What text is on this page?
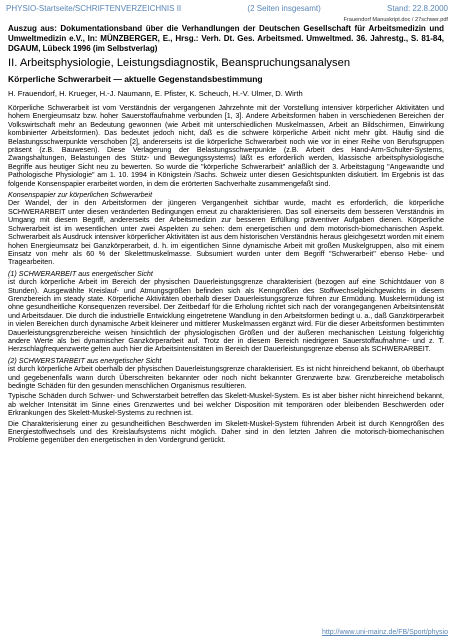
PHYSIO-Startseite/SCHRIFTENVERZEICHNIS II	(2 Seiten insgesamt)	Stand: 22.8.2000
Frauendorf Manuskript.doc / 27schwer.pdf

Auszug aus: Dokumentationsband über die Verhandlungen der Deutschen Gesellschaft für Arbeitsmedizin und Umweltmedizin e.V., In: MÜNZBERGER, E., Hrsg.: Verh. Dt. Ges. Arbeitsmed. Umweltmed. 36. Jahrestg., S. 81-84, DGAUM, Lübeck 1996 (im Selbstverlag)

II. Arbeitsphysiologie, Leistungsdiagnostik, Beanspruchungsanalysen
Körperliche Schwerarbeit — aktuelle Gegenstandsbestimmung
H. Frauendorf, H. Krueger, H.-J. Naumann, E. Pfister, K. Scheuch, H.-V. Ulmer, D. Wirth

Körperliche Schwerarbeit ist vom Verständnis der vergangenen Jahrzehnte mit der Vorstellung intensiver körperlicher Aktivitäten und hohem Energieumsatz bzw. hoher Sauerstoffaufnahme verbunden [1, 3]. Andere Arbeitsformen haben in verschiedenen Bereichen der Volkswirtschaft mehr an Bedeutung gewonnen (wie Arbeit mit unterschiedlichen Muskelmassen, Arbeit an Bildschirmen, Einwirkung kombinierter Arbeitsformen). Das bedeutet jedoch nicht, daß es die schwere körperliche Arbeit nicht mehr gibt. Häufig sind die Belastungsschwerpunkte verschoben [2], andererseits ist die körperliche Schwerarbeit noch wie vor in einer Reihe von Berufsgruppen präsent (z.B. Bauwesen). Diese Verlagerung der Belastungsschwerpunkte (z.B. Arbeit des Hand-Arm-Schulter-Systems, Zwangshaltungen, Belastungen des Stütz- und Bewegungssystems) läßt es erforderlich werden, klassische arbeitsphysiologische Begriffe aus heutiger Sicht neu zu bewerten. So wurde die "körperliche Schwerarbeit" anläßlich der 3. Arbeitstagung "Angewandte und Pathologische Physiologie" am 1. 10. 1994 in Königstein /Sachs. Schweiz unter diesen Gesichtspunkten diskutiert. Im Ergebnis ist das folgende Konsenspapier erarbeitet worden, in dem die erörterten Sachverhalte zusammengefaßt sind.

Konsenspapier zur körperlichen Schwerarbeit

Der Wandel, der in den Arbeitsformen der jüngeren Vergangenheit sichtbar wurde, macht es erforderlich, die körperliche SCHWERARBEIT unter diesen veränderten Bedingungen erneut zu charakterisieren. Das soll einerseits dem besseren Verständnis im Umgang mit diesem Begriff, andererseits der Arbeitsmedizin zur besseren Erfüllung präventiver Aufgaben dienen. Körperliche Schwerarbeit ist im wesentlichen unter zwei Aspekten zu sehen: dem energetischen und dem motorisch-biomechanischen Aspekt. Schwerarbeit als Ausdruck intensiver körperlicher Aktivitäten ist aus dem historischen Verständnis heraus gleichgesetzt worden mit einem hohen Energieumsatz bei Ganzkörperarbeit, d. h. im eigentlichen Sinne dynamische Arbeit mit großen Muskelgruppen, also mit einem Einsatz von mehr als 60 % der Skelettmuskelmasse. Subsumiert wurden unter dem Begriff "Schwerarbeit" ebenso Hebe- und Tragearbeiten.

(1) SCHWERARBEIT aus energetischer Sicht

ist durch körperliche Arbeit im Bereich der physischen Dauerleistungsgrenze charakterisiert (bezogen auf eine Schichtdauer von 8 Stunden). Ausgewählte Kreislauf- und Atmungsgrößen befinden sich als Kenngrößen des Stoffwechselgleichgewichts in diesem Grenzbereich im steady state. Körperliche Aktivitäten oberhalb dieser Dauerleistungsgrenze führen zur Ermüdung. Muskelermüdung ist ohne gesundheitliche Konsequenzen reversibel. Der Zeitbedarf für die Erholung richtet sich nach der vorangegangenen Arbeitsintensität und Arbeitsdauer. Die durch die industrielle Entwicklung eingetretene Wandlung in den Arbeitsformen bedingt u. a., daß Ganzkörperarbeit in vielen Bereichen durch dynamische Arbeit kleinerer und mittlerer Muskelmassen ergänzt wird. Für die dieser Arbeitsformen bestimmten Dauerleistungsgrenzbereiche weisen hinsichtlich der physiologischen Größen und der äußeren mechanischen Leistung folgerichtig andere Werte als bei dynamischer Ganzkörperarbeit auf. Trotz der in diesem Bereich niedrigeren Sauerstoffaufnahme- und z. T. Herzschlagfrequenzwerte gelten auch hier die Arbeitsintensitäten im Bereich der Dauerleistungsgrenze ebenso als SCHWERARBEIT.

(2) SCHWERSTARBEIT aus energetischer Sicht

ist durch körperliche Arbeit oberhalb der physischen Dauerleistungsgrenze charakterisiert. Es ist nicht hinreichend bekannt, ob überhaupt und gegebenenfalls wann durch Überschreiten bekannter oder noch nicht bekannter Grenzwerte bzw. Grenzbereiche metabolisch bedingte Schäden für den gesunden menschlichen Organismus resultieren.

Typische Schäden durch Schwer- und Schwerstarbeit betreffen das Skelett-Muskel-System. Es ist aber bisher nicht hinreichend bekannt, ab welcher Intensität im Sinne eines Grenzwertes und bei welcher Disposition mit temporären oder bleibenden Beschwerden oder Erkrankungen des Skelett-Muskel-Systems zu rechnen ist.

Die Charakterisierung einer zu gesundheitlichen Beschwerden im Skelett-Muskel-System führenden Arbeit ist durch Kenngrößen des Energiestoffwechsels und des Kreislaufsystems nicht möglich. Daher sind in den letzten Jahren die motorisch-biomechanischen Probleme gegenüber den energetischen in den Vordergrund gerückt.

http://www.uni-mainz.de/FB/Sport/physio
